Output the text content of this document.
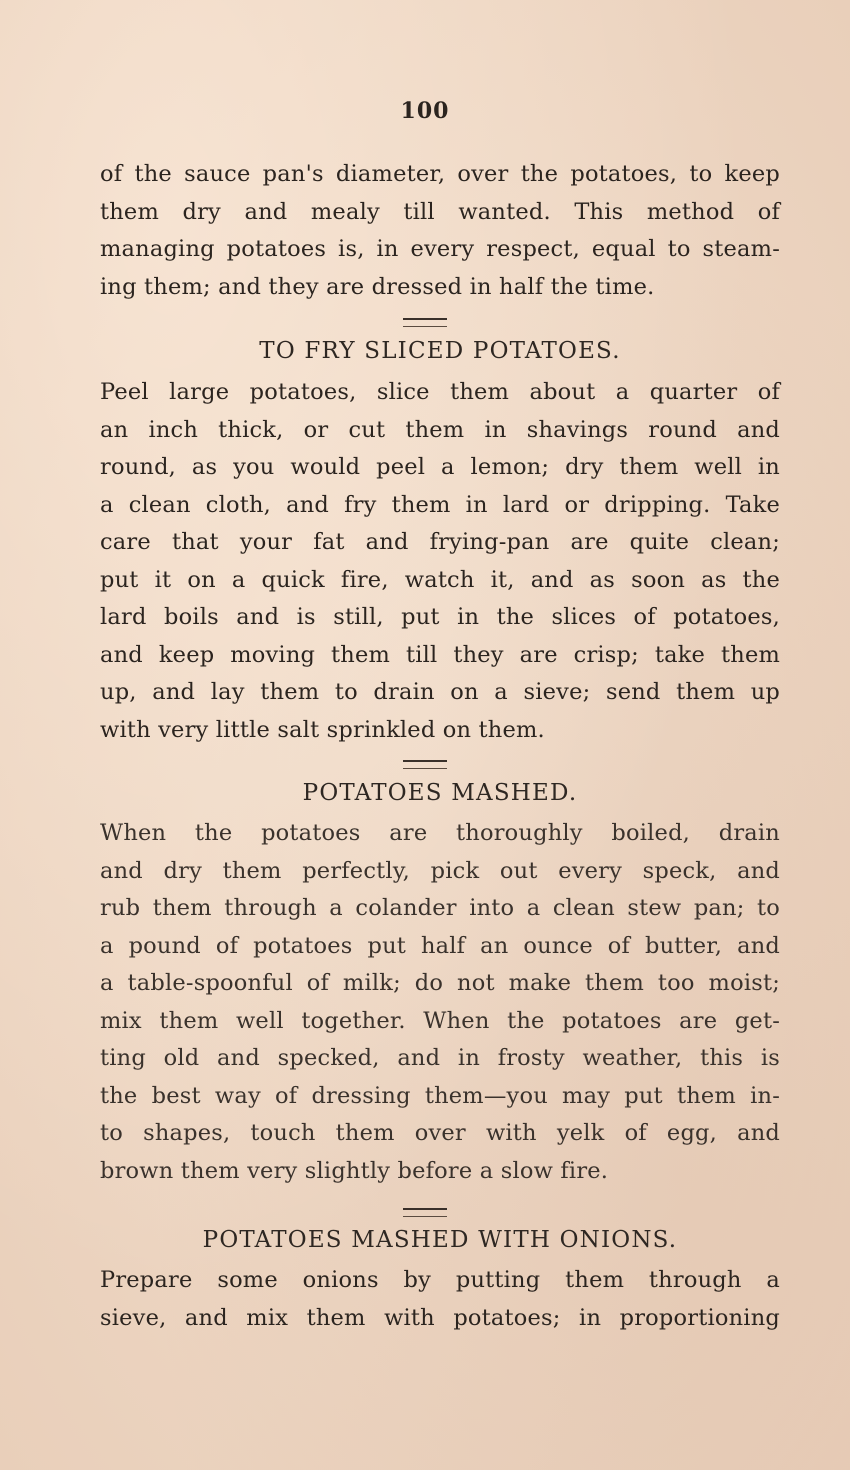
100
of the sauce pan's diameter, over the potatoes, to keep
them dry and mealy till wanted. This method of
managing potatoes is, in every respect, equal to steam-
ing them; and they are dressed in half the time.
TO FRY SLICED POTATOES.
Peel large potatoes, slice them about a quarter of
an inch thick, or cut them in shavings round and
round, as you would peel a lemon; dry them well in
a clean cloth, and fry them in lard or dripping. Take
care that your fat and frying-pan are quite clean;
put it on a quick fire, watch it, and as soon as the
lard boils and is still, put in the slices of potatoes,
and keep moving them till they are crisp; take them
up, and lay them to drain on a sieve; send them up
with very little salt sprinkled on them.
POTATOES MASHED.
When the potatoes are thoroughly boiled, drain
and dry them perfectly, pick out every speck, and
rub them through a colander into a clean stew pan; to
a pound of potatoes put half an ounce of butter, and
a table-spoonful of milk; do not make them too moist;
mix them well together. When the potatoes are get-
ting old and specked, and in frosty weather, this is
the best way of dressing them—you may put them in-
to shapes, touch them over with yelk of egg, and
brown them very slightly before a slow fire.
POTATOES MASHED WITH ONIONS.
Prepare some onions by putting them through a
sieve, and mix them with potatoes; in proportioning
